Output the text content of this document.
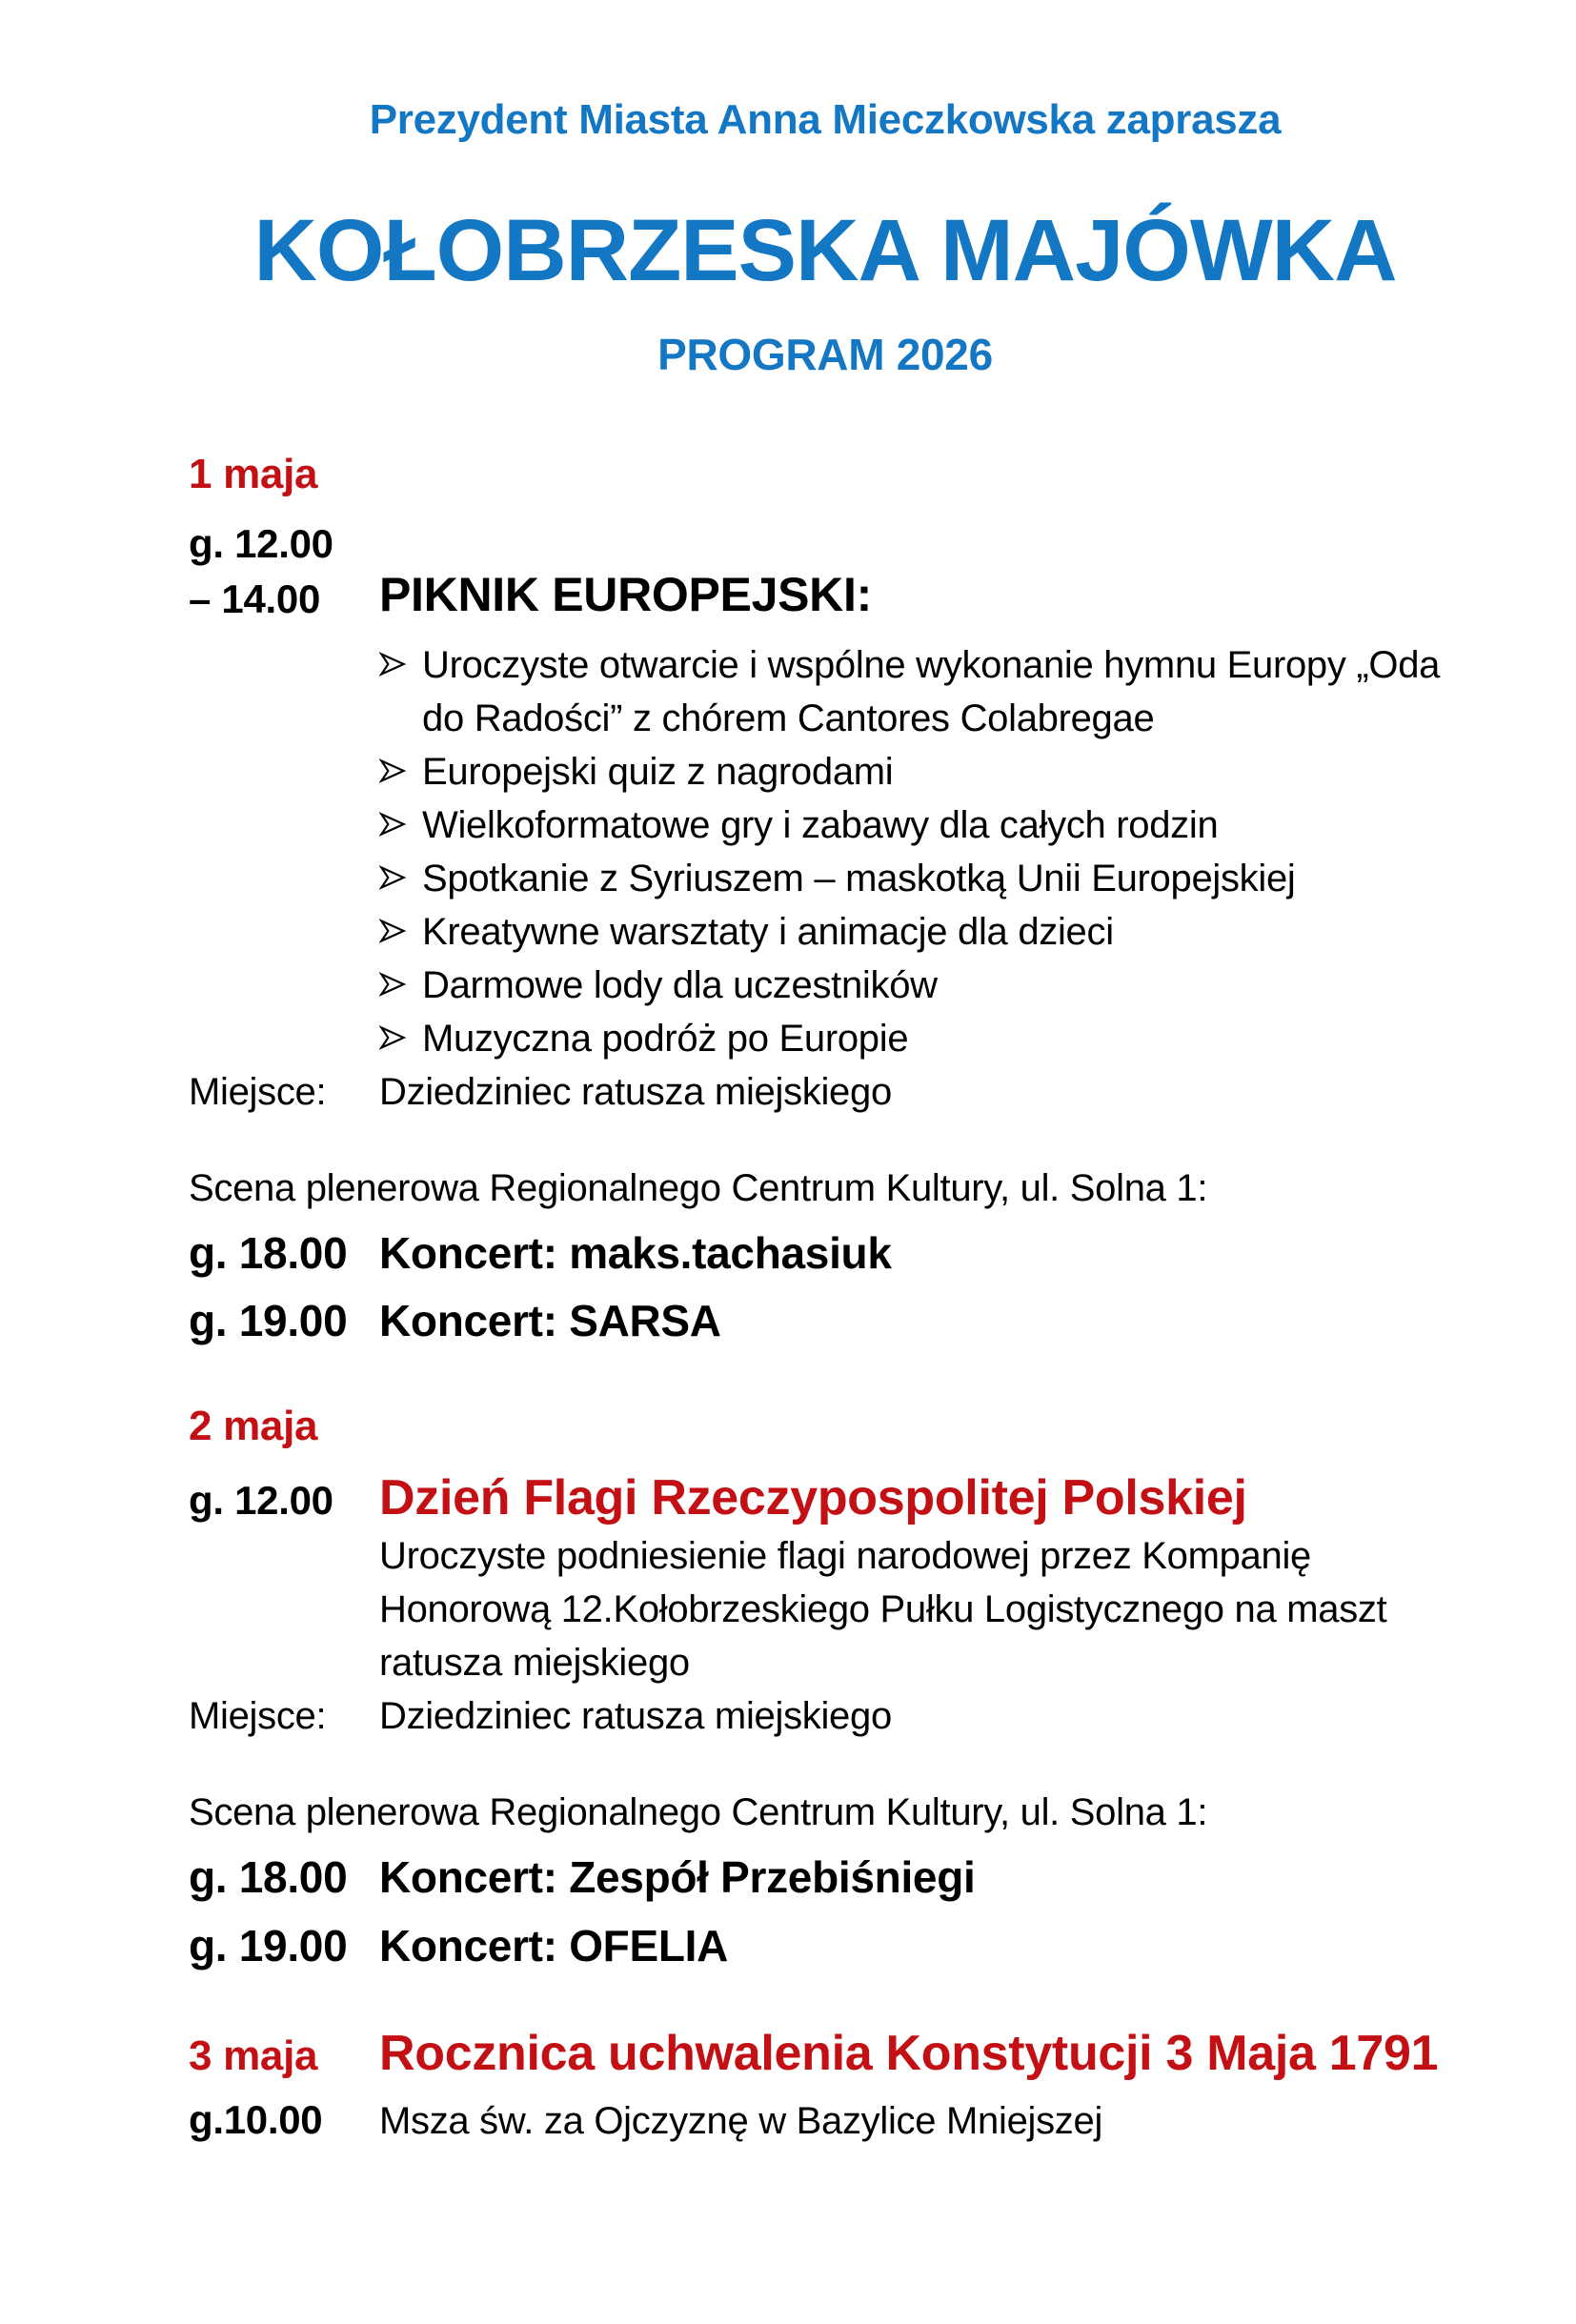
Prezydent Miasta Anna Mieczkowska zaprasza
KOŁOBRZESKA MAJÓWKA
PROGRAM 2026
1 maja
g. 12.00
– 14.00	PIKNIK EUROPEJSKI:
Uroczyste otwarcie i wspólne wykonanie hymnu Europy „Oda do Radości” z chórem Cantores Colabregae
Europejski quiz z nagrodami
Wielkoformatowe gry i zabawy dla całych rodzin
Spotkanie z Syriuszem – maskotką Unii Europejskiej
Kreatywne warsztaty i animacje dla dzieci
Darmowe lody dla uczestników
Muzyczna podróż po Europie
Miejsce:	Dziedziniec ratusza miejskiego
Scena plenerowa Regionalnego Centrum Kultury, ul. Solna 1:
g. 18.00 Koncert: maks.tachasiuk
g. 19.00 Koncert: SARSA
2 maja
g. 12.00 Dzień Flagi Rzeczypospolitej Polskiej
Uroczyste podniesienie flagi narodowej przez Kompanię Honorową 12.Kołobrzeskiego Pułku Logistycznego na maszt ratusza miejskiego
Miejsce:	Dziedziniec ratusza miejskiego
Scena plenerowa Regionalnego Centrum Kultury, ul. Solna 1:
g. 18.00 Koncert: Zespół Przebiśniegi
g. 19.00 Koncert: OFELIA
3 maja	Rocznica uchwalenia Konstytucji 3 Maja 1791
g.10.00	Msza św. za Ojczyznę w Bazylice Mniejszej
